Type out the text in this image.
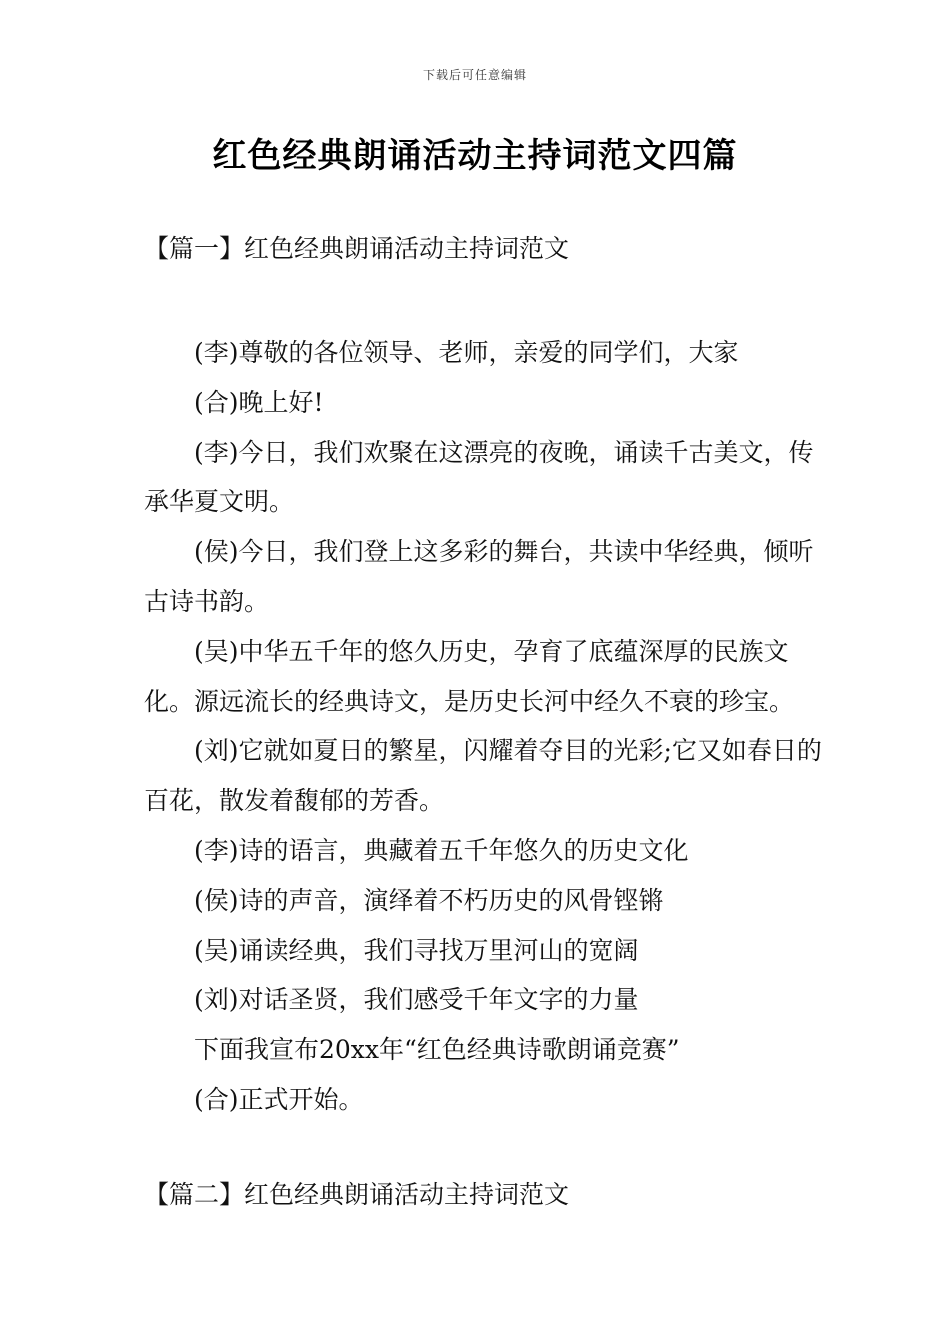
下载后可任意编辑
红色经典朗诵活动主持词范文四篇
【篇一】红色经典朗诵活动主持词范文

(李)尊敬的各位领导、老师，亲爱的同学们，大家

(合)晚上好!

(李)今日，我们欢聚在这漂亮的夜晚，诵读千古美文，传承华夏文明。

(侯)今日，我们登上这多彩的舞台，共读中华经典，倾听古诗书韵。

(吴)中华五千年的悠久历史，孕育了底蕴深厚的民族文化。源远流长的经典诗文，是历史长河中经久不衰的珍宝。

(刘)它就如夏日的繁星，闪耀着夺目的光彩;它又如春日的百花，散发着馥郁的芳香。

(李)诗的语言，典藏着五千年悠久的历史文化

(侯)诗的声音，演绎着不朽历史的风骨铿锵

(吴)诵读经典，我们寻找万里河山的宽阔

(刘)对话圣贤，我们感受千年文字的力量

下面我宣布20xx年“红色经典诗歌朗诵竞赛”

(合)正式开始。

【篇二】红色经典朗诵活动主持词范文
